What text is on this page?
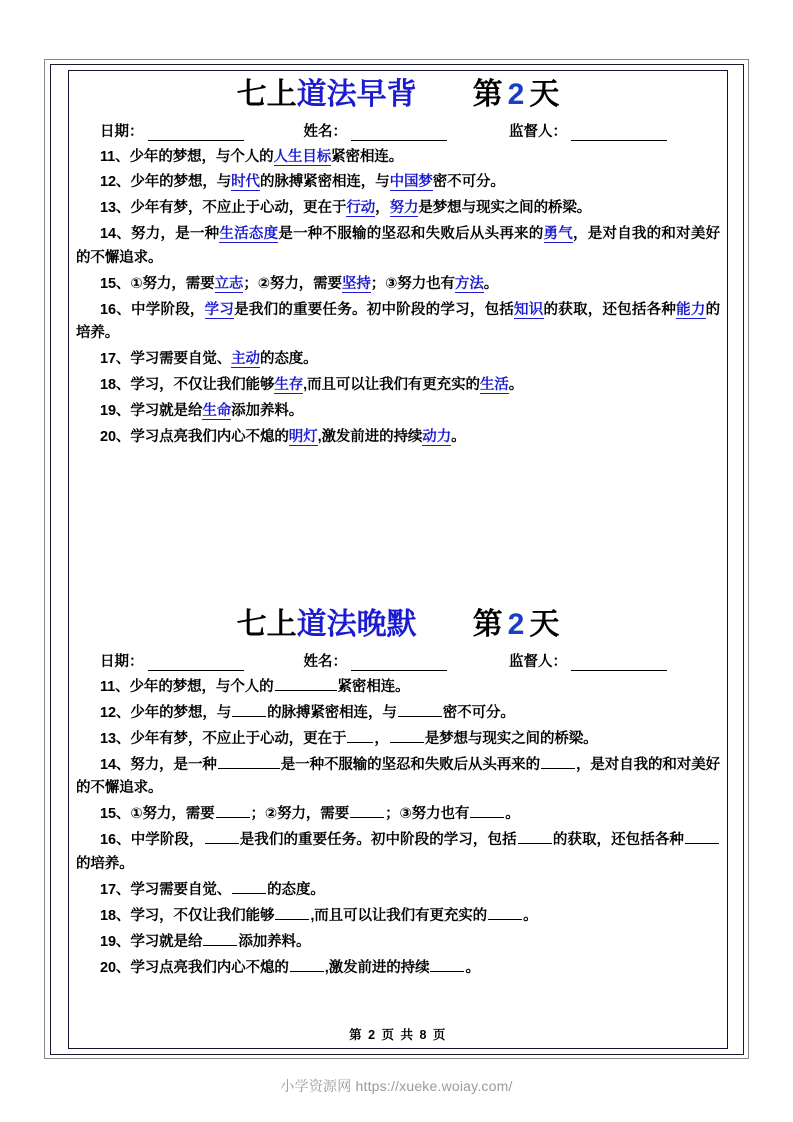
七上道法早背 第 2 天
日期：	姓名：	监督人：

11、少年的梦想，与个人的人生目标紧密相连。

12、少年的梦想，与时代的脉搏紧密相连，与中国梦密不可分。

13、少年有梦，不应止于心动，更在于行动，努力是梦想与现实之间的桥梁。

14、努力，是一种生活态度是一种不服输的坚忍和失败后从头再来的勇气，是对自我的和对美好的不懈追求。

15、①努力，需要立志；②努力，需要坚持；③努力也有方法。

16、中学阶段，学习是我们的重要任务。初中阶段的学习，包括知识的获取，还包括各种能力的培养。

17、学习需要自觉、主动的态度。

18、学习，不仅让我们能够生存,而且可以让我们有更充实的生活。

19、学习就是给生命添加养料。

20、学习点亮我们内心不熄的明灯,激发前进的持续动力。

七上道法晚默 第 2 天
日期：	姓名：	监督人：

11、少年的梦想，与个人的	紧密相连。

12、少年的梦想，与 的脉搏紧密相连，与	密不可分。

13、少年有梦，不应止于心动，更在于 ， 是梦想与现实之间的桥梁。

14、努力，是一种	是一种不服输的坚忍和失败后从头再来的 ，是对自我的和对美好的不懈追求。

15、①努力，需要 ；②努力，需要 ；③努力也有 。

16、中学阶段， 是我们的重要任务。初中阶段的学习，包括 的获取，还包括各种的培养。

17、学习需要自觉、 的态度。

18、学习，不仅让我们能够 ,而且可以让我们有更充实的 。

19、学习就是给 添加养料。

20、学习点亮我们内心不熄的 ,激发前进的持续 。

第 2 页 共 8 页
小学资源网 https://xueke.woiay.com/
